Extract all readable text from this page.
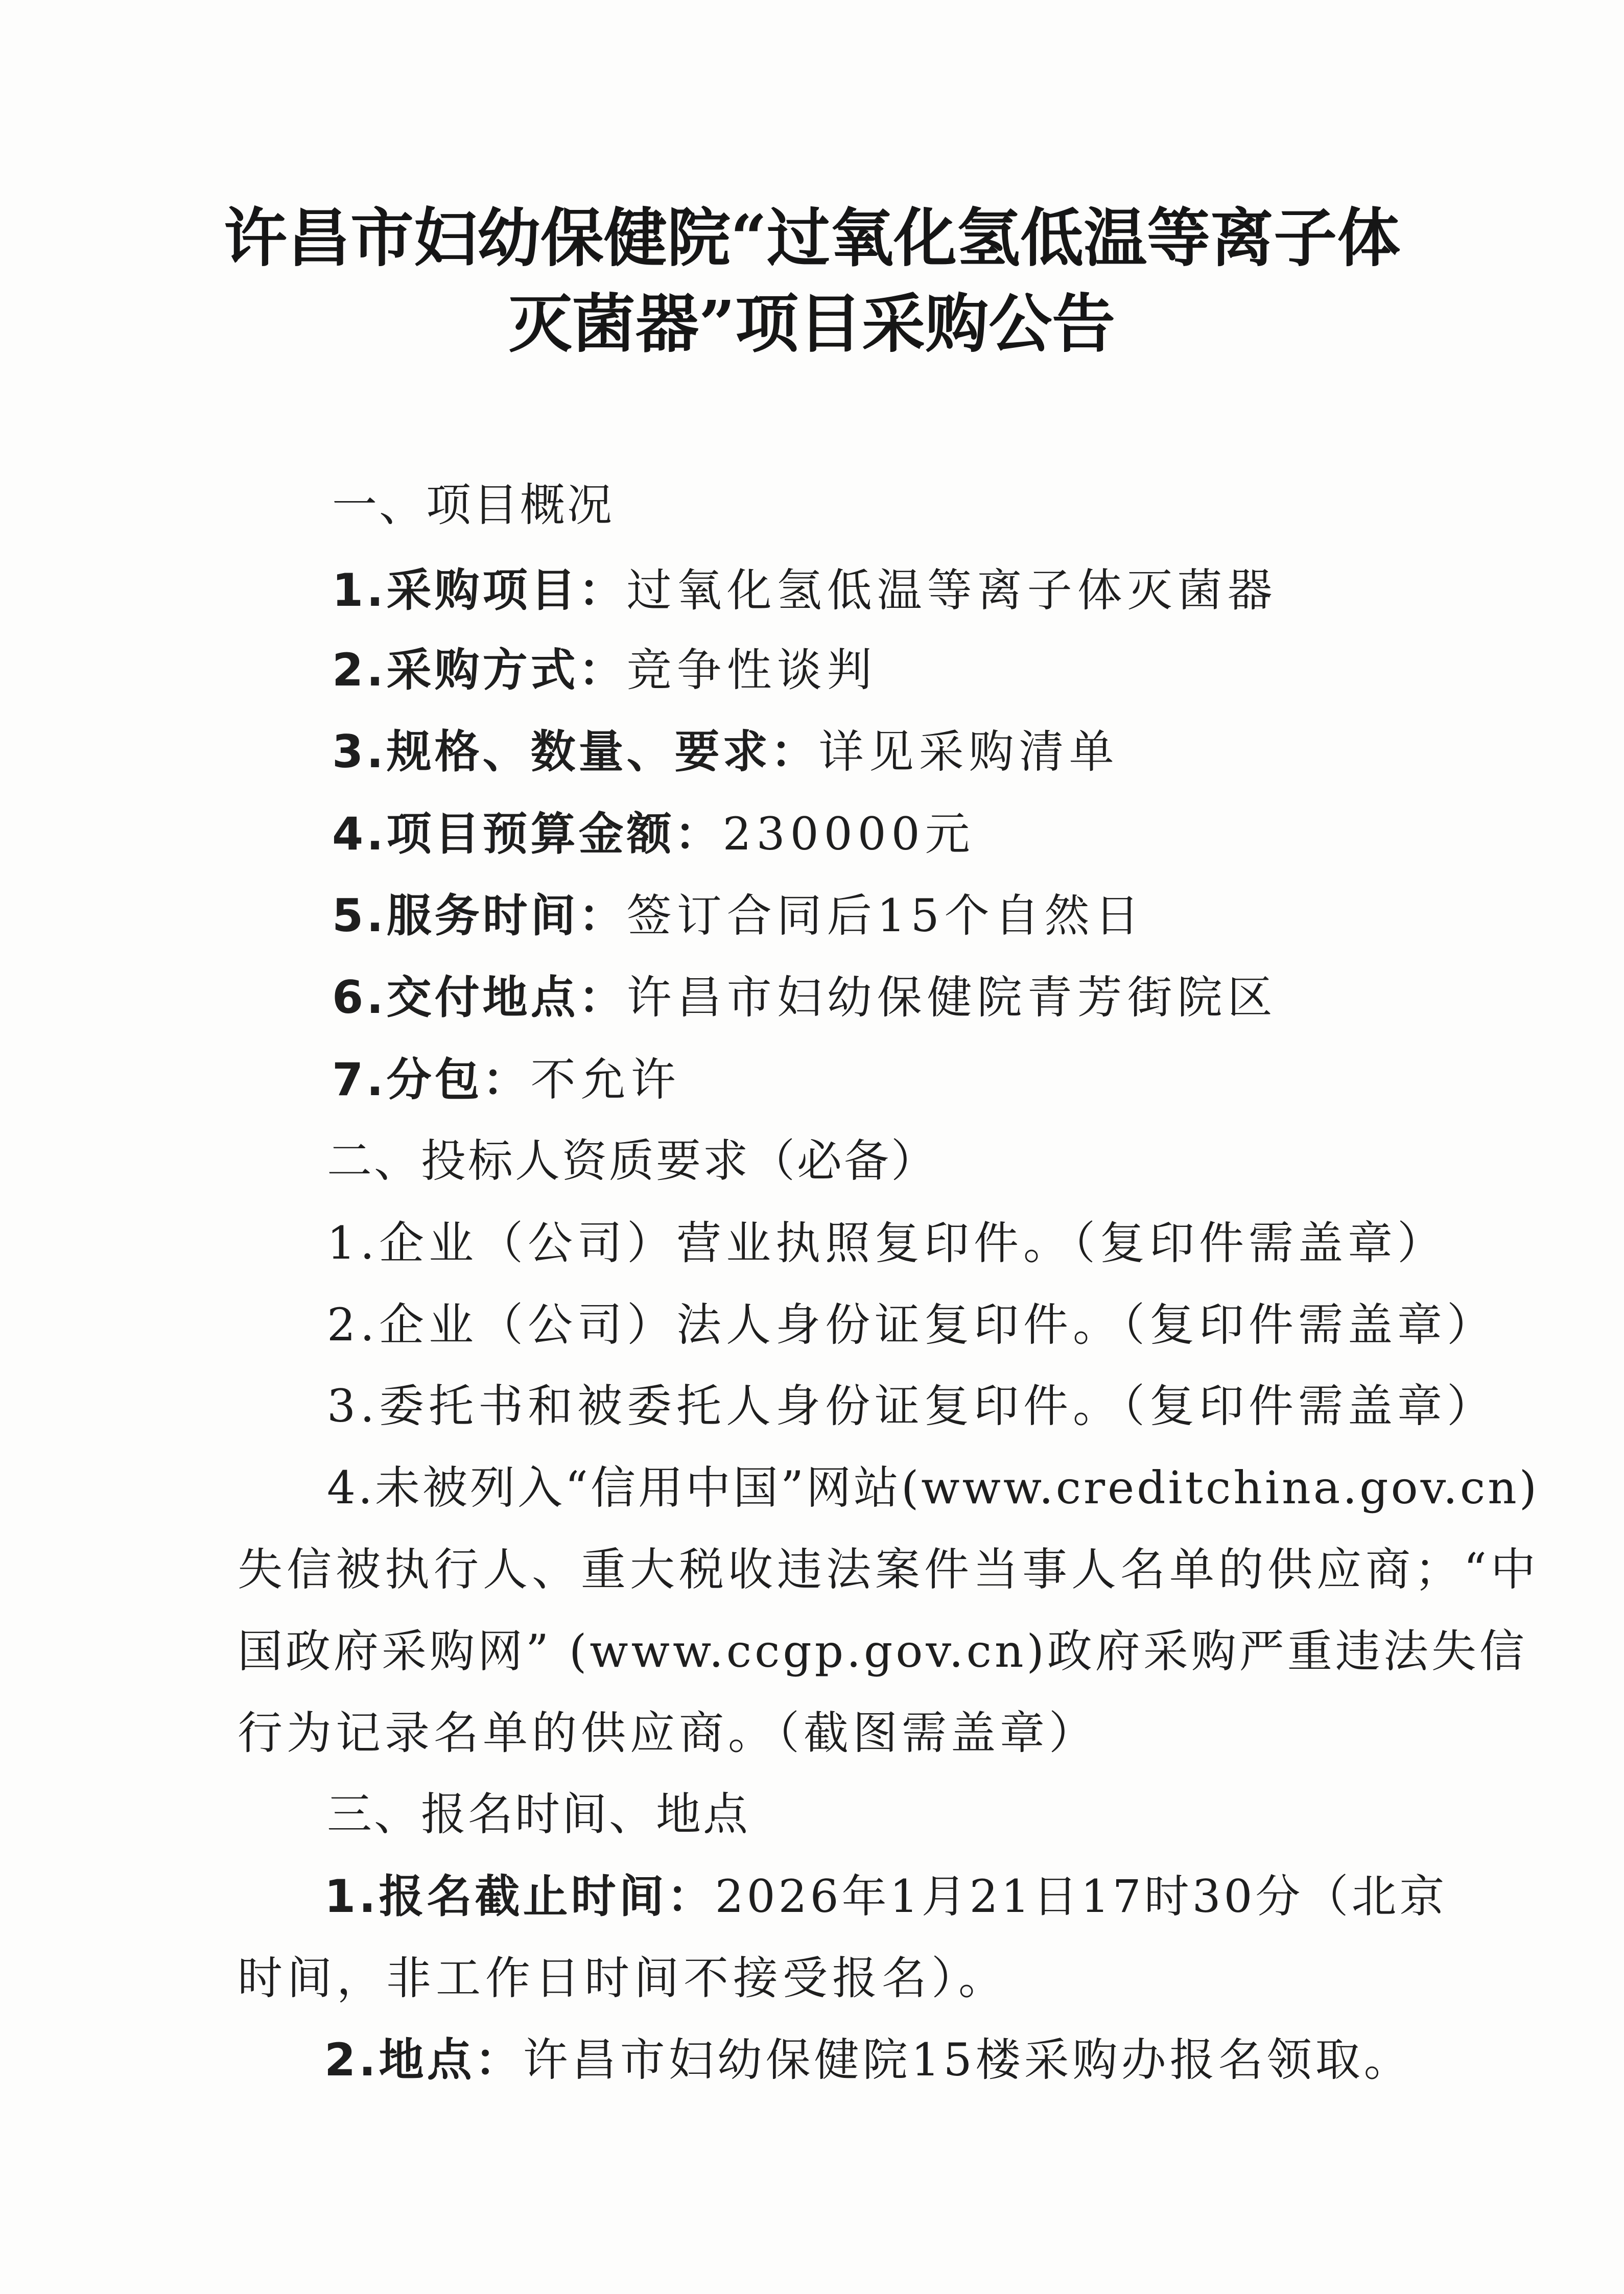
许昌市妇幼保健院“过氧化氢低温等离子体
灭菌器”项目采购公告
一、项目概况
1.采购项目：过氧化氢低温等离子体灭菌器
2.采购方式：竞争性谈判
3.规格、数量、要求：详见采购清单
4.项目预算金额：230000元
5.服务时间：签订合同后15个自然日
6.交付地点：许昌市妇幼保健院青芳街院区
7.分包：不允许
二、投标人资质要求（必备）
1.企业（公司）营业执照复印件。（复印件需盖章）
2.企业（公司）法人身份证复印件。（复印件需盖章）
3.委托书和被委托人身份证复印件。（复印件需盖章）
4.未被列入“信用中国”网站(www.creditchina.gov.cn)
失信被执行人、重大税收违法案件当事人名单的供应商；“中
国政府采购网” (www.ccgp.gov.cn)政府采购严重违法失信
行为记录名单的供应商。（截图需盖章）
三、报名时间、地点
1.报名截止时间：2026年1月21日17时30分（北京
时间，非工作日时间不接受报名）。
2.地点：许昌市妇幼保健院15楼采购办报名领取。
